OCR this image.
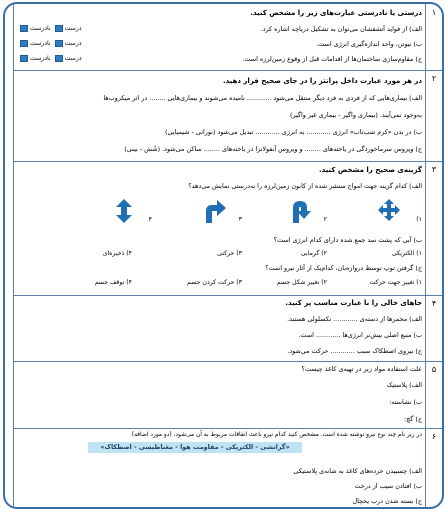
۱
درستی یا نادرستی عبارت‌های زیر را مشخص کنید.
الف) از فواید آتشفشان می‌توان به تشکیل دریاچه اشاره کرد.
ب) نیوتن، واحد اندازه‌گیری انرژی است.
ج) مقاوم‌سازی ساختمان‌ها از اقدامات قبل از وقوع زمین‌لرزه است.
درست نادرست
درست نادرست
درست نادرست
۲
در هر مورد عبارت داخل پرانتز را در جای صحیح قرار دهید.
الف) بیماری‌هایی که از فردی به فرد دیگر منتقل می‌شود ............ نامیده می‌شوند و بیماری‌هایی ........ در اثر میکروب‌ها
به‌وجود نمی‌آیند. (بیماری واگیر - بیماری غیر واگیر)
ب) در بدن «کرم شب‌تاب» انرژی ............ به انرژی ............ تبدیل می‌شود (نورانی - شیمیایی)
ج) ویروس سرماخوردگی در یاخته‌های ........ و ویروس آنفولانزا در یاخته‌های ........ ساکن می‌شود. (شُش - بینی)
۳
گزینه‌ی صحیح را مشخص کنید.
الف) کدام گزینه جهت امواج منتشر شده از کانون زمین‌لرزه را به‌درستی نمایش می‌دهد؟
۱)
۲
۳
۴
ب) آبی که پشت سد جمع شده دارای کدام انرژی است؟
۱) الکتریکی
۲) گرمایی
۳) حرکتی
۴) ذخیره‌ای
ج) گرفتن توپ توسط دروازه‌بان، کدام‌یک از آثار نیرو است؟
۱) تغییر جهت حرکت
۲) تغییر شکل جسم
۳) حرکت کردن جسم
۴) توقف جسم
۴
جاهای خالی را با عبارت مناسب پر کنید.
الف) مخمرها از دسته‌ی ............ تکسلولی هستند.
ب) منبع اصلی بیش‌تر انرژی‌ها ............ است.
ج) نیروی اصطکاک سبب ............ حرکت می‌شود.
۵
علت استفاده مواد زیر در تهیه‌ی کاغذ چیست؟
الف) پلاستیک
ب) نشاسته:
ج) گچ:
۶
در زیر نام چند نوع نیرو نوشته شده است. مشخص کنید کدام نیرو باعث اتفاقات مربوط به آن می‌شود. (دو مورد اضافه)
«گرانشی - الکتریکی - مقاومت هوا - مغناطیسی - اصطکاک»
الف) چسبیدن خرده‌های کاغذ به شانه‌ی پلاستیکی
ب) افتادن سیب از درخت
ج) بسته شدن درب یخچال
